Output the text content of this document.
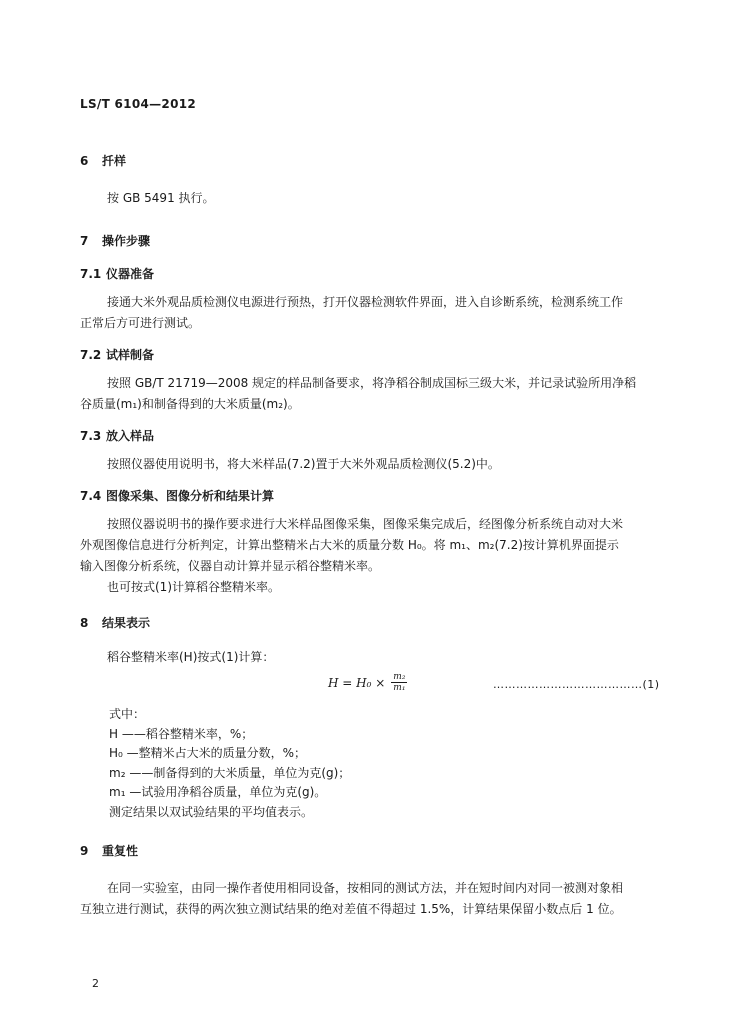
LS/T 6104—2012
6 扦样
按 GB 5491 执行。
7 操作步骤
7.1 仪器准备
接通大米外观品质检测仪电源进行预热，打开仪器检测软件界面，进入自诊断系统，检测系统工作
正常后方可进行测试。
7.2 试样制备
按照 GB/T 21719—2008 规定的样品制备要求，将净稻谷制成国标三级大米，并记录试验所用净稻
谷质量(m₁)和制备得到的大米质量(m₂)。
7.3 放入样品
按照仪器使用说明书，将大米样品(7.2)置于大米外观品质检测仪(5.2)中。
7.4 图像采集、图像分析和结果计算
按照仪器说明书的操作要求进行大米样品图像采集，图像采集完成后，经图像分析系统自动对大米
外观图像信息进行分析判定，计算出整精米占大米的质量分数 H₀。将 m₁、m₂(7.2)按计算机界面提示
输入图像分析系统，仪器自动计算并显示稻谷整精米率。
也可按式(1)计算稻谷整精米率。
8 结果表示
稻谷整精米率(H)按式(1)计算：
$H = H_0 \times \frac{\text{m₂}}{\text{m₁}}$	…………………………………(1)
式中：
H ——稻谷整精米率，%；
H₀ —整精米占大米的质量分数，%；
m₂ ——制备得到的大米质量，单位为克(g)；
m₁ —试验用净稻谷质量，单位为克(g)。
测定结果以双试验结果的平均值表示。
9 重复性
在同一实验室，由同一操作者使用相同设备，按相同的测试方法，并在短时间内对同一被测对象相
互独立进行测试，获得的两次独立测试结果的绝对差值不得超过 1.5%，计算结果保留小数点后 1 位。
2
